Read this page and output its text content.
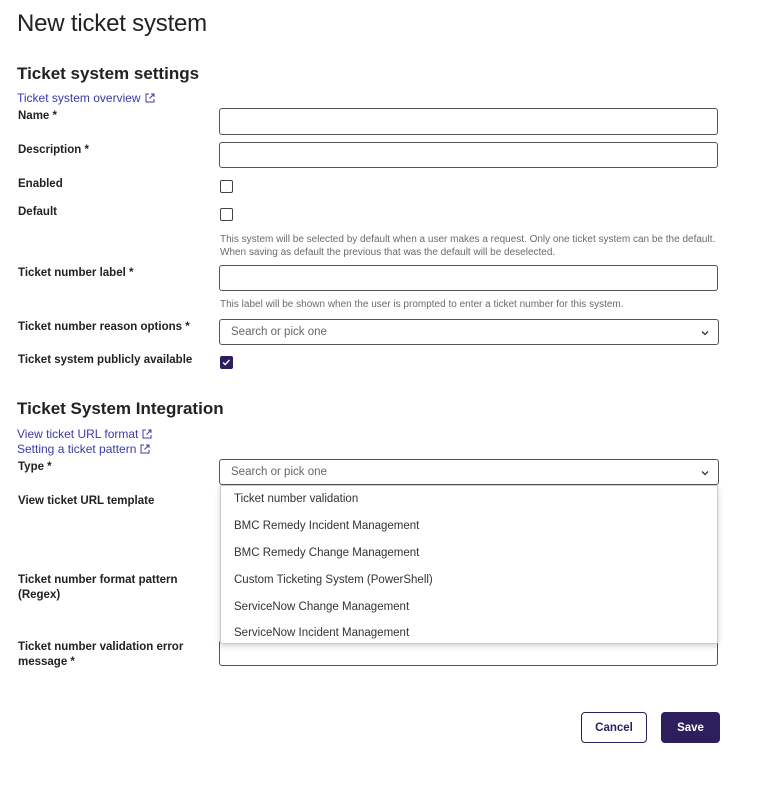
New ticket system
Ticket system settings
Ticket system overview
Name *
Description *
Enabled
Default
This system will be selected by default when a user makes a request. Only one ticket system can be the default. When saving as default the previous that was the default will be deselected.
Ticket number label *
This label will be shown when the user is prompted to enter a ticket number for this system.
Ticket number reason options *	Search or pick one
Ticket system publicly available
Ticket System Integration
View ticket URL format
Setting a ticket pattern
Type *	Search or pick one
View ticket URL template
Ticket number format pattern
(Regex)
Ticket number validation error
message *
Ticket number validation
BMC Remedy Incident Management
BMC Remedy Change Management
Custom Ticketing System (PowerShell)
ServiceNow Change Management
ServiceNow Incident Management
Cancel	Save
